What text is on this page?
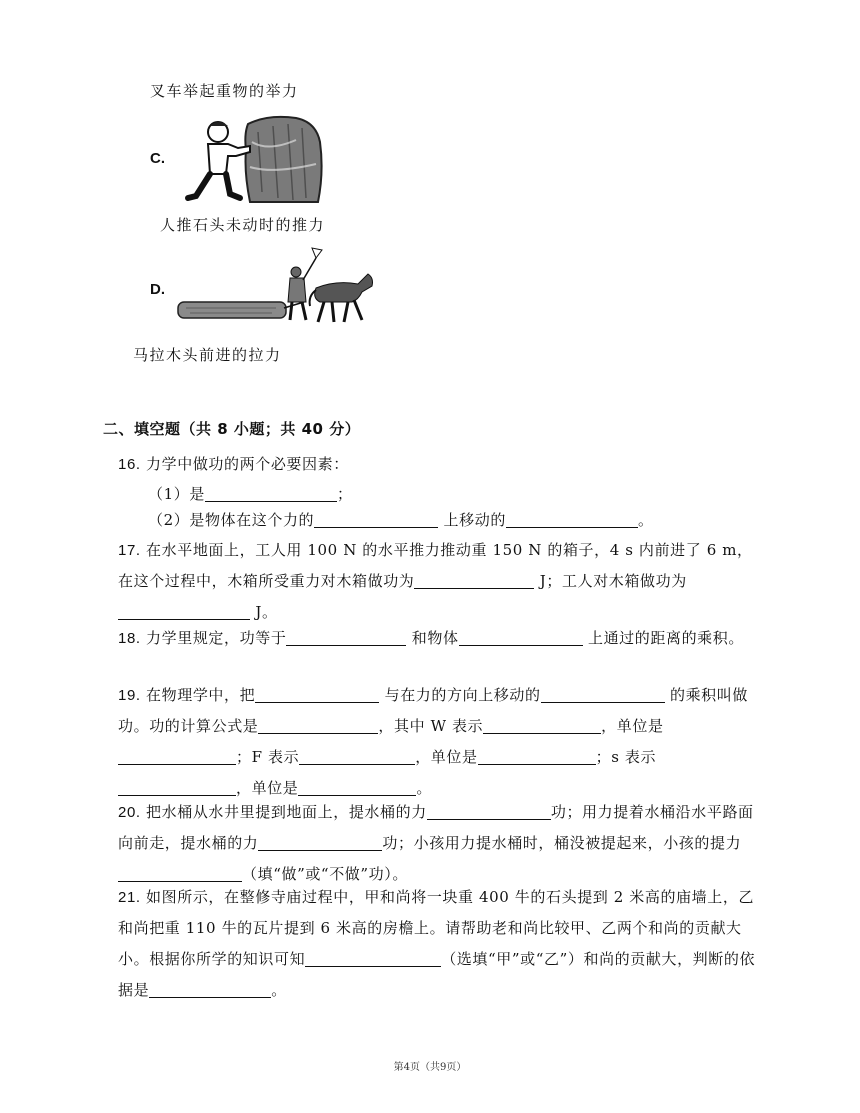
叉车举起重物的举力
C.
人推石头未动时的推力
D.
马拉木头前进的拉力
二、填空题（共 8 小题；共 40 分）
16. 力学中做功的两个必要因素：
（1）是	；
（2）是物体在这个力的	上移动的	。
17. 在水平地面上，工人用 100 N 的水平推力推动重 150 N 的箱子，4 s 内前进了 6 m，在这个过程中，木箱所受重力对木箱做功为	J；工人对木箱做功为 J。
18. 力学里规定，功等于	和物体	上通过的距离的乘积。
19. 在物理学中，把	与在力的方向上移动的	的乘积叫做功。功的计算公式是	，其中 W 表示	，单位是；F 表示	，单位是	；s 表示，单位是	。
20. 把水桶从水井里提到地面上，提水桶的力	功；用力提着水桶沿水平路面向前走，提水桶的力	功；小孩用力提水桶时，桶没被提起来，小孩的提力（填“做”或“不做”功）。
21. 如图所示，在整修寺庙过程中，甲和尚将一块重 400 牛的石头提到 2 米高的庙墙上，乙和尚把重 110 牛的瓦片提到 6 米高的房檐上。请帮助老和尚比较甲、乙两个和尚的贡献大小。根据你所学的知识可知	（选填“甲”或“乙”）和尚的贡献大，判断的依据是	。
第4页（共9页）
